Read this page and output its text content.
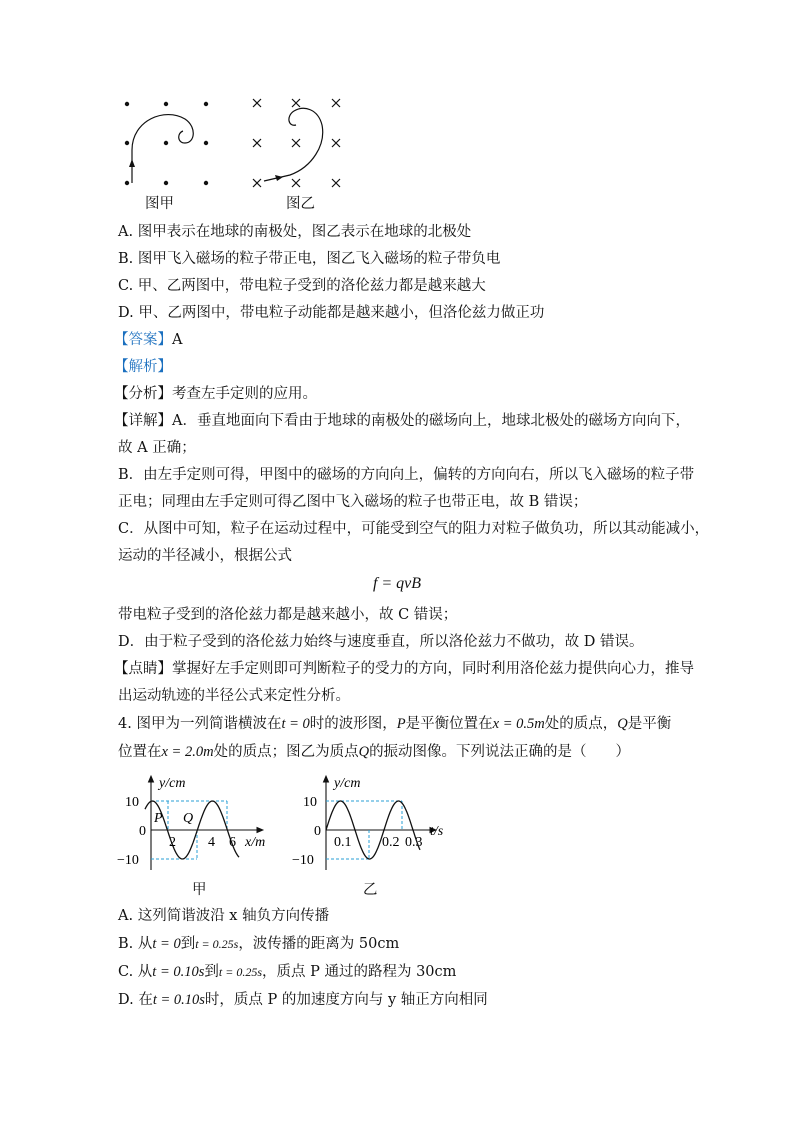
图甲	图乙
A. 图甲表示在地球的南极处，图乙表示在地球的北极处
B. 图甲飞入磁场的粒子带正电，图乙飞入磁场的粒子带负电
C. 甲、乙两图中，带电粒子受到的洛伦兹力都是越来越大
D. 甲、乙两图中，带电粒子动能都是越来越小，但洛伦兹力做正功
【答案】A
【解析】
【分析】考查左手定则的应用。
【详解】A．垂直地面向下看由于地球的南极处的磁场向上，地球北极处的磁场方向向下，
故 A 正确；
B．由左手定则可得，甲图中的磁场的方向向上，偏转的方向向右，所以飞入磁场的粒子带
正电；同理由左手定则可得乙图中飞入磁场的粒子也带正电，故 B 错误；
C．从图中可知，粒子在运动过程中，可能受到空气的阻力对粒子做负功，所以其动能减小，
运动的半径减小，根据公式
f = qvB
带电粒子受到的洛伦兹力都是越来越小，故 C 错误；
D．由于粒子受到的洛伦兹力始终与速度垂直，所以洛伦兹力不做功，故 D 错误。
【点睛】掌握好左手定则即可判断粒子的受力的方向，同时利用洛伦兹力提供向心力，推导
出运动轨迹的半径公式来定性分析。
4. 图甲为一列简谐横波在t = 0时的波形图，P是平衡位置在x = 0.5m处的质点，Q是平衡
位置在x = 2.0m处的质点；图乙为质点Q的振动图像。下列说法正确的是（　　）
y/cm
10
0
−10
2 4 6 x/m
P Q
甲
y/cm
10
0
−10
0.1 0.2 0.3
t/s
乙
A. 这列简谐波沿 x 轴负方向传播
B. 从t = 0到t = 0.25s，波传播的距离为 50cm
C. 从t = 0.10s到t = 0.25s，质点 P 通过的路程为 30cm
D. 在t = 0.10s时，质点 P 的加速度方向与 y 轴正方向相同
